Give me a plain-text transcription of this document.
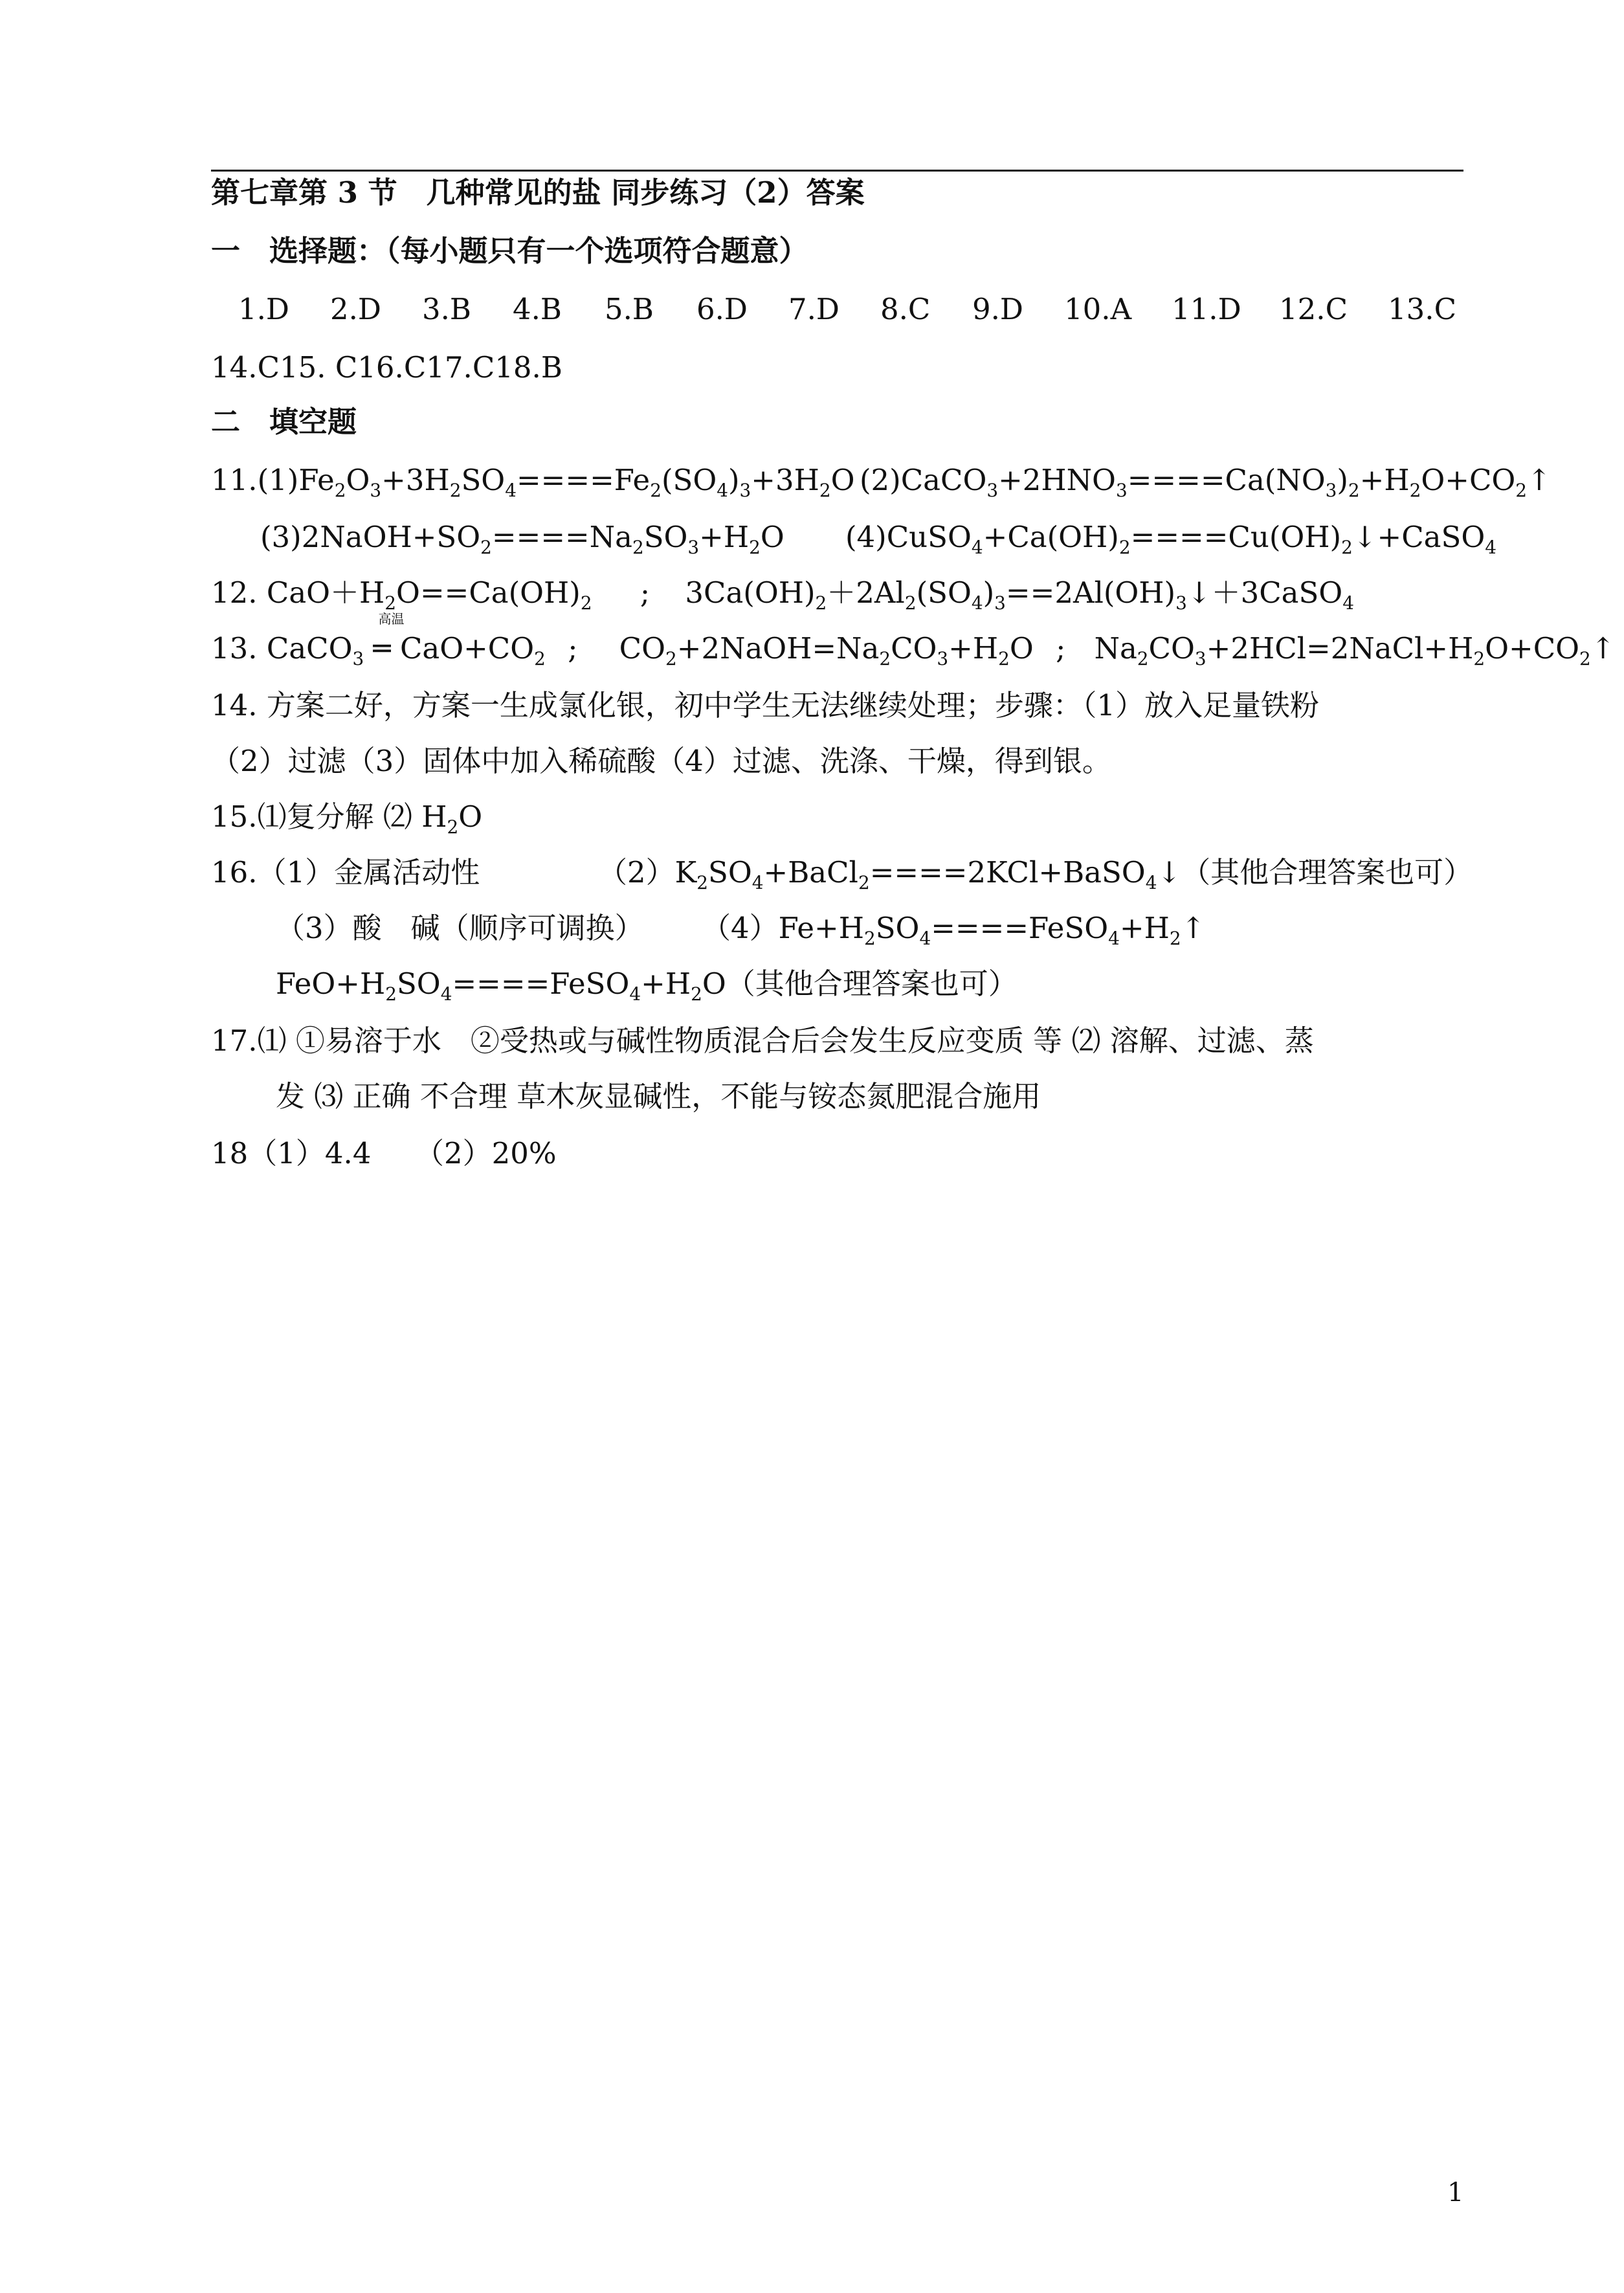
第七章第 3 节　几种常见的盐 同步练习（2）答案
一　选择题：（每小题只有一个选项符合题意）
1.D 2.D 3.B 4.B 5.B 6.D 7.D 8.C 9.D 10.A 11.D 12.C 13.C
14.C15. C16.C17.C18.B
二　填空题
$11.(1)Fe_2O_3+3H_2SO_4====Fe_2(SO_4)_3+3H_2O$ $(2)CaCO_3+2HNO_3====Ca(NO_3)_2+H_2O+CO_2↑$
$(3)2NaOH+SO_2====Na_2SO_3+H_2O$ $(4)CuSO_4+Ca(OH)_2====Cu(OH)_2↓+CaSO_4$
12. $CaO+H_2O==Ca(OH)_2$ ; $3Ca(OH)_2+2Al_2(SO_4)_3==2Al(OH)_3↓+3CaSO_4$
13. CaCO$_3$
高温
═ $CaO+CO_2$ ; $CO_2+2NaOH=Na_2CO_3+H_2O$ ; $Na_2CO_3+2HCl=2NaCl+H_2O+CO_2↑$
14. 方案二好，方案一生成氯化银，初中学生无法继续处理；步骤：（1）放入足量铁粉
（2）过滤（3）固体中加入稀硫酸（4）过滤、洗涤、干燥，得到银。
15.⑴复分解 ⑵ $H_2O$
16.（1）金属活动性	$(2)K_2SO_4+BaCl_2====2KCl+BaSO_4↓$（其他合理答案也可）
（3）酸　碱（顺序可调换） $(4)Fe+H_2SO_4====FeSO_4+H_2↑$
$FeO+H_2SO_4====FeSO_4+H_2O$（其他合理答案也可）
17.⑴ ①易溶于水　②受热或与碱性物质混合后会发生反应变质 等 ⑵ 溶解、过滤、蒸
发 ⑶ 正确 不合理 草木灰显碱性，不能与铵态氮肥混合施用
18（1）4.4　　（2）20%
1
